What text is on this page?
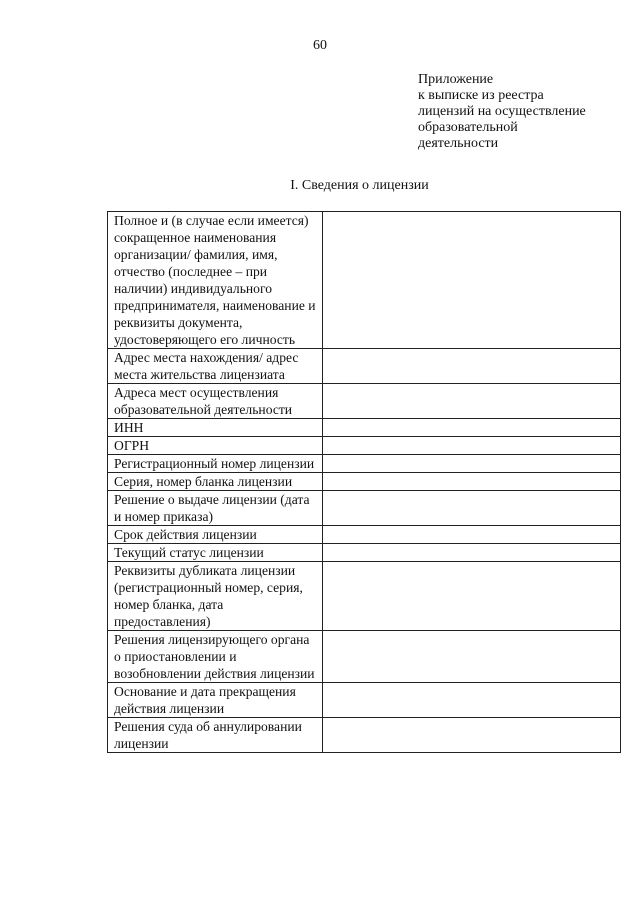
60
Приложение
к выписке из реестра
лицензий на осуществление
образовательной
деятельности
I. Сведения о лицензии
Полное и (в случае если имеется) сокращенное наименования организации/ фамилия, имя, отчество (последнее – при наличии) индивидуального предпринимателя, наименование и реквизиты документа, удостоверяющего его личность	
Адрес места нахождения/ адрес места жительства лицензиата	
Адреса мест осуществления образовательной деятельности	
ИНН	
ОГРН	
Регистрационный номер лицензии	
Серия, номер бланка лицензии	
Решение о выдаче лицензии (дата и номер приказа)	
Срок действия лицензии	
Текущий статус лицензии	
Реквизиты дубликата лицензии (регистрационный номер, серия, номер бланка, дата предоставления)	
Решения лицензирующего органа о приостановлении и возобновлении действия лицензии	
Основание и дата прекращения действия лицензии	
Решения суда об аннулировании лицензии	
